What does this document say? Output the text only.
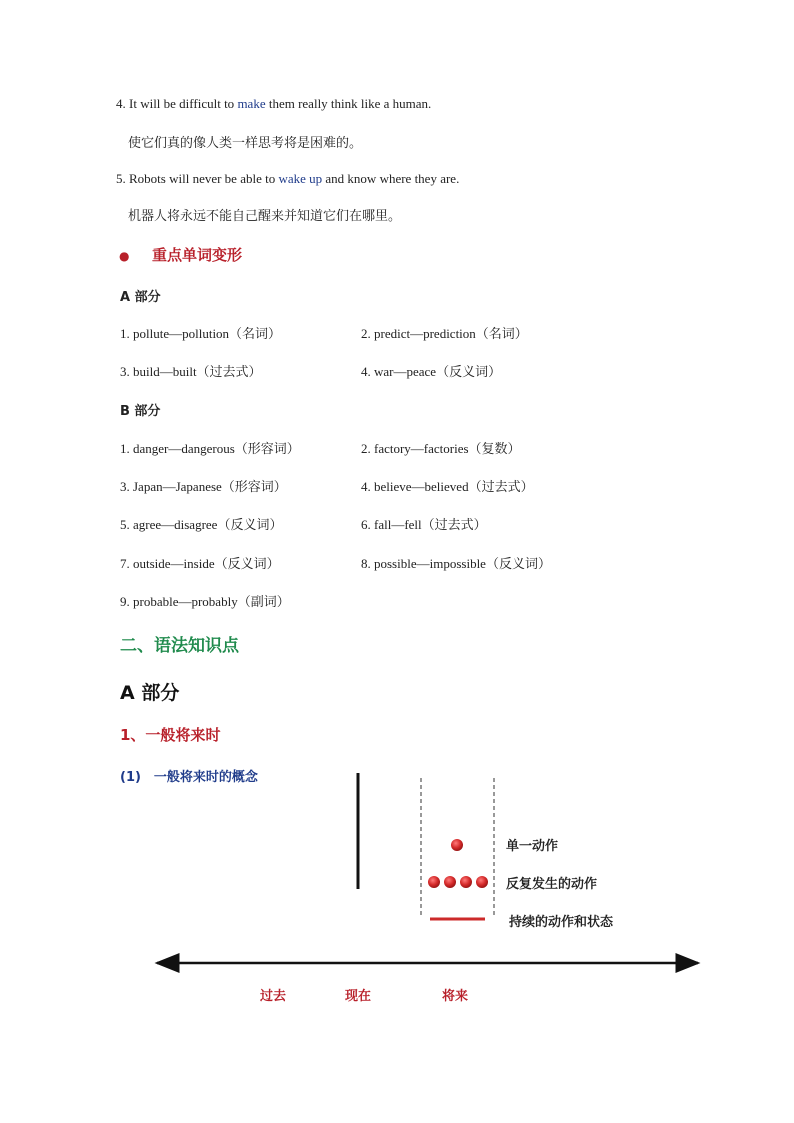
4. It will be difficult to make them really think like a human.
使它们真的像人类一样思考将是困难的。
5. Robots will never be able to wake up and know where they are.
机器人将永远不能自己醒来并知道它们在哪里。
● 重点单词变形
A 部分
1. pollute—pollution（名词）	2. predict—prediction（名词）
3. build—built（过去式）	4. war—peace（反义词）
B 部分
1. danger—dangerous（形容词）	2. factory—factories（复数）
3. Japan—Japanese（形容词）	4. believe—believed（过去式）
5. agree—disagree（反义词）	6. fall—fell（过去式）
7. outside—inside（反义词）	8. possible—impossible（反义词）
9. probable—probably（副词）
二、语法知识点
A 部分
1、一般将来时
(1)　一般将来时的概念
单一动作
反复发生的动作
持续的动作和状态
过去	现在	将来
